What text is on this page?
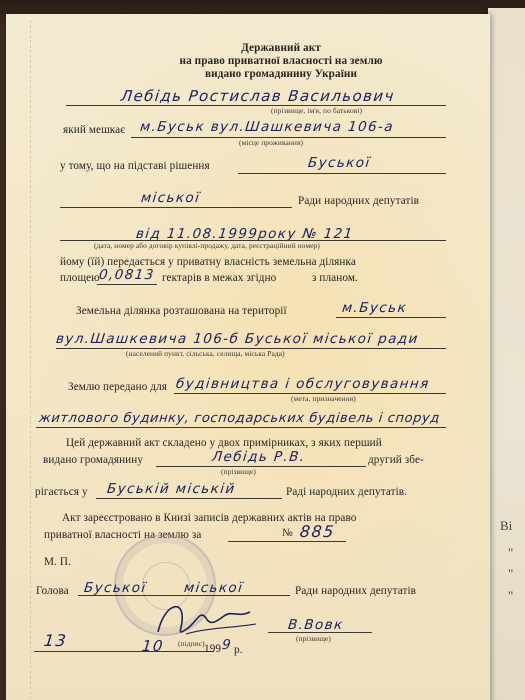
Ві
"
"
"
Державний акт
на право приватної власності на землю
видано громадянину України
Лебідь Ростислав Васильович
(прізвище, ім'я, по батькові)
який мешкає м.Буськ вул.Шашкевича 106-а
(місце проживання)
у тому, що на підставі рішення	Буської
міської	Ради народних депутатів
від 11.08.1999року № 121
(дата, номер або договір купівлі-продажу, дата, реєстраційний номер)
йому (їй) передається у приватну власність земельна ділянка
площею
0,0813 гектарів в межах згідно	з планом.
Земельна ділянка розташована на території	м.Буськ
вул.Шашкевича 106-б Буської міської ради
(населений пункт, сільська, селища, міська Рада)
Землю передано для будівництва і обслуговування
(мета, призначення)
житлового будинку, господарських будівель і споруд
Цей державний акт складено у двох примірниках, з яких перший
видано громадянину	Лебідь Р.В.	другий збе-
(прізвище)
рігається у Буській міській	Раді народних депутатів.
Акт зареєстровано в Книзі записів державних актів на право
приватної власності на землю за	№ 885
М. П.
Голова Буської	міської	Ради народних депутатів
(підпис)
В.Вовк
(прізвище)
13	10	199 9 р.
